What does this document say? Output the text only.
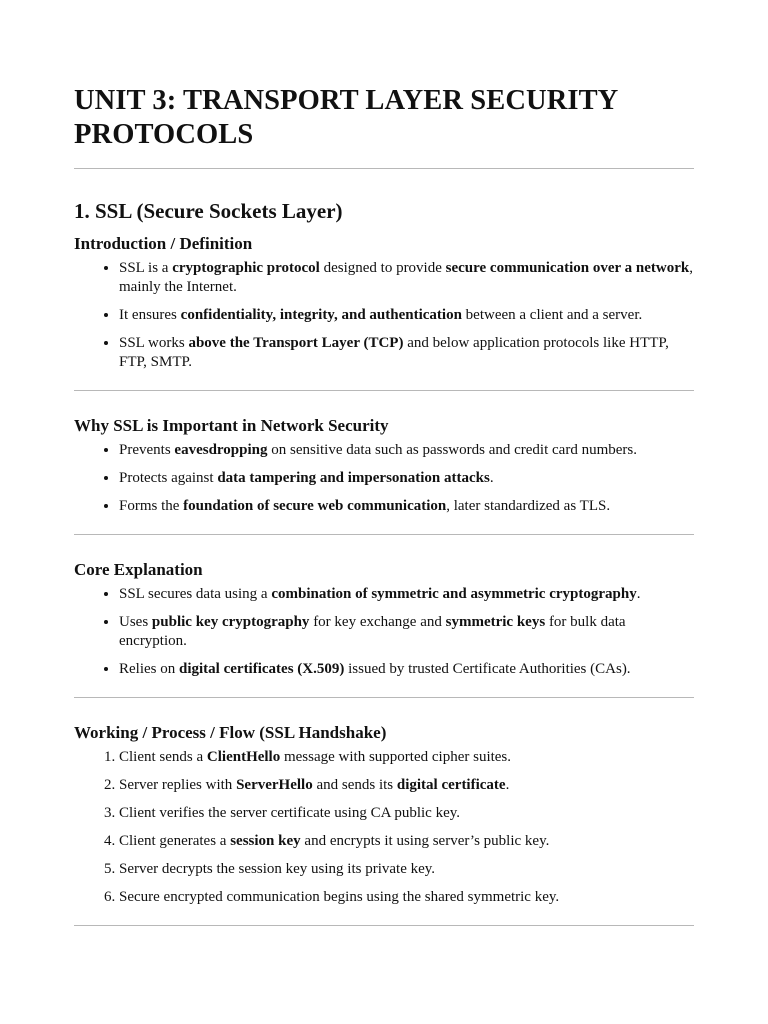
UNIT 3: TRANSPORT LAYER SECURITY PROTOCOLS
1. SSL (Secure Sockets Layer)
Introduction / Definition
• SSL is a cryptographic protocol designed to provide secure communication over a network, mainly the Internet.
• It ensures confidentiality, integrity, and authentication between a client and a server.
• SSL works above the Transport Layer (TCP) and below application protocols like HTTP, FTP, SMTP.
Why SSL is Important in Network Security
• Prevents eavesdropping on sensitive data such as passwords and credit card numbers.
• Protects against data tampering and impersonation attacks.
• Forms the foundation of secure web communication, later standardized as TLS.
Core Explanation
• SSL secures data using a combination of symmetric and asymmetric cryptography.
• Uses public key cryptography for key exchange and symmetric keys for bulk data encryption.
• Relies on digital certificates (X.509) issued by trusted Certificate Authorities (CAs).
Working / Process / Flow (SSL Handshake)
1. Client sends a ClientHello message with supported cipher suites.
2. Server replies with ServerHello and sends its digital certificate.
3. Client verifies the server certificate using CA public key.
4. Client generates a session key and encrypts it using server’s public key.
5. Server decrypts the session key using its private key.
6. Secure encrypted communication begins using the shared symmetric key.
